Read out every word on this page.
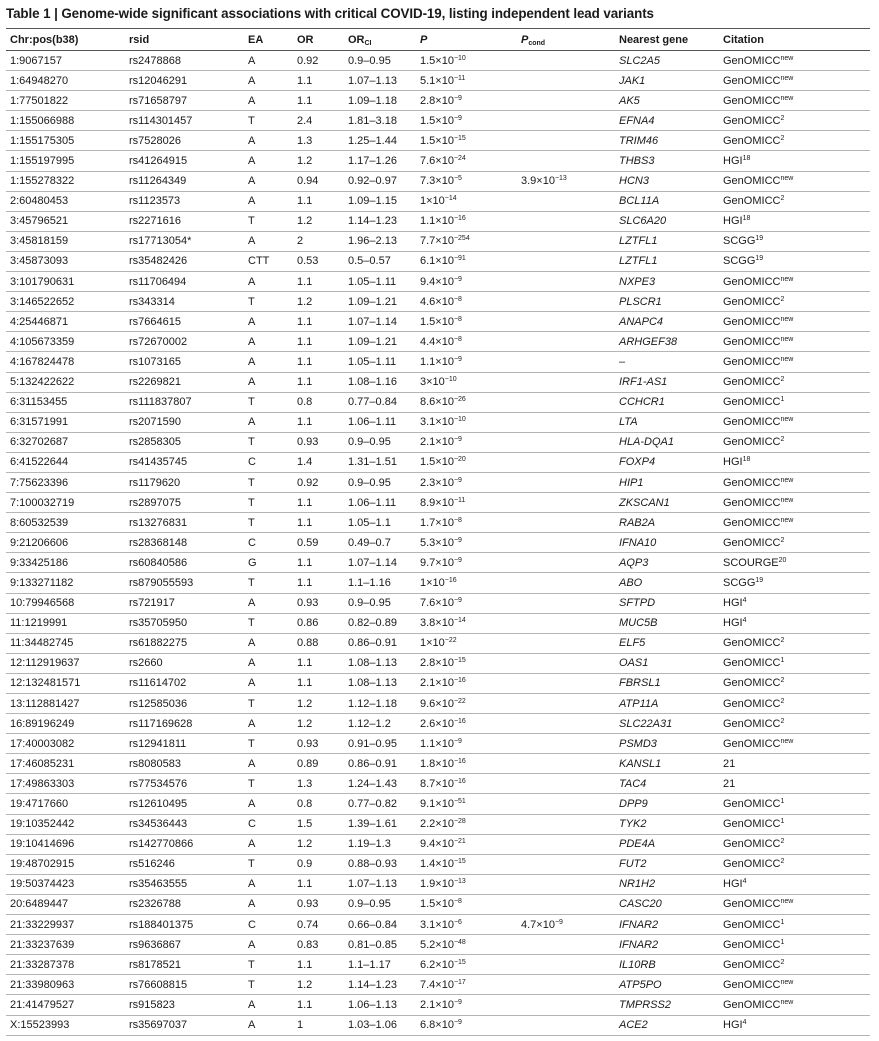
Table 1 | Genome-wide significant associations with critical COVID-19, listing independent lead variants
Chr:pos(b38)	rsid	EA	OR	$OR_{CI}$	P	$P_{cond}$	Nearest gene	Citation
1:9067157	rs2478868	A	0.92	0.9–0.95	$1.5\times 10^{-10}$		SLC2A5	GenOMICC$^{new}$
1:64948270	rs12046291	A	1.1	1.07–1.13	$5.1\times 10^{-11}$		JAK1	GenOMICC$^{new}$
1:77501822	rs71658797	A	1.1	1.09–1.18	$2.8\times 10^{-9}$		AK5	GenOMICC$^{new}$
1:155066988	rs114301457	T	2.4	1.81–3.18	$1.5\times 10^{-9}$		EFNA4	GenOMICC$^2$
1:155175305	rs7528026	A	1.3	1.25–1.44	$1.5\times 10^{-15}$		TRIM46	GenOMICC$^2$
1:155197995	rs41264915	A	1.2	1.17–1.26	$7.6\times 10^{-24}$		THBS3	HGI$^{18}$
1:155278322	rs11264349	A	0.94	0.92–0.97	$7.3\times 10^{-5}$	$3.9\times 10^{-13}$	HCN3	GenOMICC$^{new}$
2:60480453	rs1123573	A	1.1	1.09–1.15	$1\times 10^{-14}$		BCL11A	GenOMICC$^2$
3:45796521	rs2271616	T	1.2	1.14–1.23	$1.1\times 10^{-16}$		SLC6A20	HGI$^{18}$
3:45818159	rs17713054*	A	2	1.96–2.13	$7.7\times 10^{-254}$		LZTFL1	SCGG$^{19}$
3:45873093	rs35482426	CTT	0.53	0.5–0.57	$6.1\times 10^{-91}$		LZTFL1	SCGG$^{19}$
3:101790631	rs11706494	A	1.1	1.05–1.11	$9.4\times 10^{-9}$		NXPE3	GenOMICC$^{new}$
3:146522652	rs343314	T	1.2	1.09–1.21	$4.6\times 10^{-8}$		PLSCR1	GenOMICC$^2$
4:25446871	rs7664615	A	1.1	1.07–1.14	$1.5\times 10^{-8}$		ANAPC4	GenOMICC$^{new}$
4:105673359	rs72670002	A	1.1	1.09–1.21	$4.4\times 10^{-8}$		ARHGEF38	GenOMICC$^{new}$
4:167824478	rs1073165	A	1.1	1.05–1.11	$1.1\times 10^{-9}$		–	GenOMICC$^{new}$
5:132422622	rs2269821	A	1.1	1.08–1.16	$3\times 10^{-10}$		IRF1-AS1	GenOMICC$^2$
6:31153455	rs111837807	T	0.8	0.77–0.84	$8.6\times 10^{-26}$		CCHCR1	GenOMICC$^1$
6:31571991	rs2071590	A	1.1	1.06–1.11	$3.1\times 10^{-10}$		LTA	GenOMICC$^{new}$
6:32702687	rs2858305	T	0.93	0.9–0.95	$2.1\times 10^{-9}$		HLA-DQA1	GenOMICC$^2$
6:41522644	rs41435745	C	1.4	1.31–1.51	$1.5\times 10^{-20}$		FOXP4	HGI$^{18}$
7:75623396	rs1179620	T	0.92	0.9–0.95	$2.3\times 10^{-9}$		HIP1	GenOMICC$^{new}$
7:100032719	rs2897075	T	1.1	1.06–1.11	$8.9\times 10^{-11}$		ZKSCAN1	GenOMICC$^{new}$
8:60532539	rs13276831	T	1.1	1.05–1.1	$1.7\times 10^{-8}$		RAB2A	GenOMICC$^{new}$
9:21206606	rs28368148	C	0.59	0.49–0.7	$5.3\times 10^{-9}$		IFNA10	GenOMICC$^2$
9:33425186	rs60840586	G	1.1	1.07–1.14	$9.7\times 10^{-9}$		AQP3	SCOURGE$^{20}$
9:133271182	rs879055593	T	1.1	1.1–1.16	$1\times 10^{-16}$		ABO	SCGG$^{19}$
10:79946568	rs721917	A	0.93	0.9–0.95	$7.6\times 10^{-9}$		SFTPD	HGI$^4$
11:1219991	rs35705950	T	0.86	0.82–0.89	$3.8\times 10^{-14}$		MUC5B	HGI$^4$
11:34482745	rs61882275	A	0.88	0.86–0.91	$1\times 10^{-22}$		ELF5	GenOMICC$^2$
12:112919637	rs2660	A	1.1	1.08–1.13	$2.8\times 10^{-15}$		OAS1	GenOMICC$^1$
12:132481571	rs11614702	A	1.1	1.08–1.13	$2.1\times 10^{-16}$		FBRSL1	GenOMICC$^2$
13:112881427	rs12585036	T	1.2	1.12–1.18	$9.6\times 10^{-22}$		ATP11A	GenOMICC$^2$
16:89196249	rs117169628	A	1.2	1.12–1.2	$2.6\times 10^{-16}$		SLC22A31	GenOMICC$^2$
17:40003082	rs12941811	T	0.93	0.91–0.95	$1.1\times 10^{-9}$		PSMD3	GenOMICC$^{new}$
17:46085231	rs8080583	A	0.89	0.86–0.91	$1.8\times 10^{-16}$		KANSL1	21
17:49863303	rs77534576	T	1.3	1.24–1.43	$8.7\times 10^{-16}$		TAC4	21
19:4717660	rs12610495	A	0.8	0.77–0.82	$9.1\times 10^{-51}$		DPP9	GenOMICC$^1$
19:10352442	rs34536443	C	1.5	1.39–1.61	$2.2\times 10^{-28}$		TYK2	GenOMICC$^1$
19:10414696	rs142770866	A	1.2	1.19–1.3	$9.4\times 10^{-21}$		PDE4A	GenOMICC$^2$
19:48702915	rs516246	T	0.9	0.88–0.93	$1.4\times 10^{-15}$		FUT2	GenOMICC$^2$
19:50374423	rs35463555	A	1.1	1.07–1.13	$1.9\times 10^{-13}$		NR1H2	HGI$^4$
20:6489447	rs2326788	A	0.93	0.9–0.95	$1.5\times 10^{-8}$		CASC20	GenOMICC$^{new}$
21:33229937	rs188401375	C	0.74	0.66–0.84	$3.1\times 10^{-6}$	$4.7\times 10^{-9}$	IFNAR2	GenOMICC$^1$
21:33237639	rs9636867	A	0.83	0.81–0.85	$5.2\times 10^{-48}$		IFNAR2	GenOMICC$^1$
21:33287378	rs8178521	T	1.1	1.1–1.17	$6.2\times 10^{-15}$		IL10RB	GenOMICC$^2$
21:33980963	rs76608815	T	1.2	1.14–1.23	$7.4\times 10^{-17}$		ATP5PO	GenOMICC$^{new}$
21:41479527	rs915823	A	1.1	1.06–1.13	$2.1\times 10^{-9}$		TMPRSS2	GenOMICC$^{new}$
X:15523993	rs35697037	A	1	1.03–1.06	$6.8\times 10^{-9}$		ACE2	HGI$^4$
